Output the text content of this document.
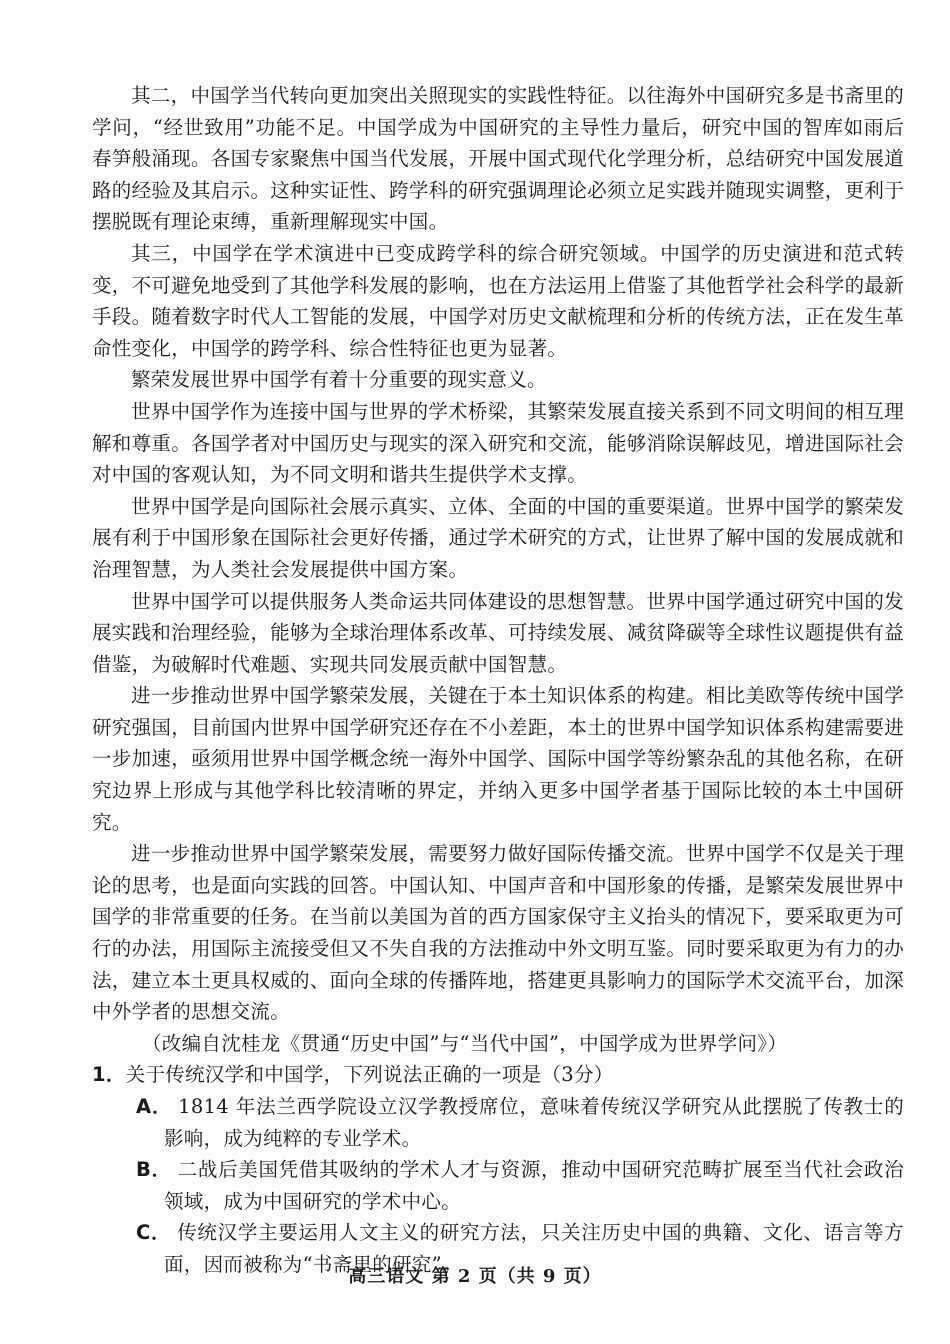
其二，中国学当代转向更加突出关照现实的实践性特征。以往海外中国研究多是书斋里的学问，“经世致用”功能不足。中国学成为中国研究的主导性力量后，研究中国的智库如雨后春笋般涌现。各国专家聚焦中国当代发展，开展中国式现代化学理分析，总结研究中国发展道路的经验及其启示。这种实证性、跨学科的研究强调理论必须立足实践并随现实调整，更利于摆脱既有理论束缚，重新理解现实中国。

其三，中国学在学术演进中已变成跨学科的综合研究领域。中国学的历史演进和范式转变，不可避免地受到了其他学科发展的影响，也在方法运用上借鉴了其他哲学社会科学的最新手段。随着数字时代人工智能的发展，中国学对历史文献梳理和分析的传统方法，正在发生革命性变化，中国学的跨学科、综合性特征也更为显著。

繁荣发展世界中国学有着十分重要的现实意义。

世界中国学作为连接中国与世界的学术桥梁，其繁荣发展直接关系到不同文明间的相互理解和尊重。各国学者对中国历史与现实的深入研究和交流，能够消除误解歧见，增进国际社会对中国的客观认知，为不同文明和谐共生提供学术支撑。

世界中国学是向国际社会展示真实、立体、全面的中国的重要渠道。世界中国学的繁荣发展有利于中国形象在国际社会更好传播，通过学术研究的方式，让世界了解中国的发展成就和治理智慧，为人类社会发展提供中国方案。

世界中国学可以提供服务人类命运共同体建设的思想智慧。世界中国学通过研究中国的发展实践和治理经验，能够为全球治理体系改革、可持续发展、减贫降碳等全球性议题提供有益借鉴，为破解时代难题、实现共同发展贡献中国智慧。

进一步推动世界中国学繁荣发展，关键在于本土知识体系的构建。相比美欧等传统中国学研究强国，目前国内世界中国学研究还存在不小差距，本土的世界中国学知识体系构建需要进一步加速，亟须用世界中国学概念统一海外中国学、国际中国学等纷繁杂乱的其他名称，在研究边界上形成与其他学科比较清晰的界定，并纳入更多中国学者基于国际比较的本土中国研究。

进一步推动世界中国学繁荣发展，需要努力做好国际传播交流。世界中国学不仅是关于理论的思考，也是面向实践的回答。中国认知、中国声音和中国形象的传播，是繁荣发展世界中国学的非常重要的任务。在当前以美国为首的西方国家保守主义抬头的情况下，要采取更为可行的办法，用国际主流接受但又不失自我的方法推动中外文明互鉴。同时要采取更为有力的办法，建立本土更具权威的、面向全球的传播阵地，搭建更具影响力的国际学术交流平台，加深中外学者的思想交流。

（改编自沈桂龙《贯通“历史中国”与“当代中国”，中国学成为世界学问》）

1．关于传统汉学和中国学，下列说法正确的一项是（3分）

A． 1814 年法兰西学院设立汉学教授席位，意味着传统汉学研究从此摆脱了传教士的影响，成为纯粹的专业学术。

B． 二战后美国凭借其吸纳的学术人才与资源，推动中国研究范畴扩展至当代社会政治领域，成为中国研究的学术中心。

C． 传统汉学主要运用人文主义的研究方法，只关注历史中国的典籍、文化、语言等方面，因而被称为“书斋里的研究”。

高三语文 第 2 页（共 9 页）
